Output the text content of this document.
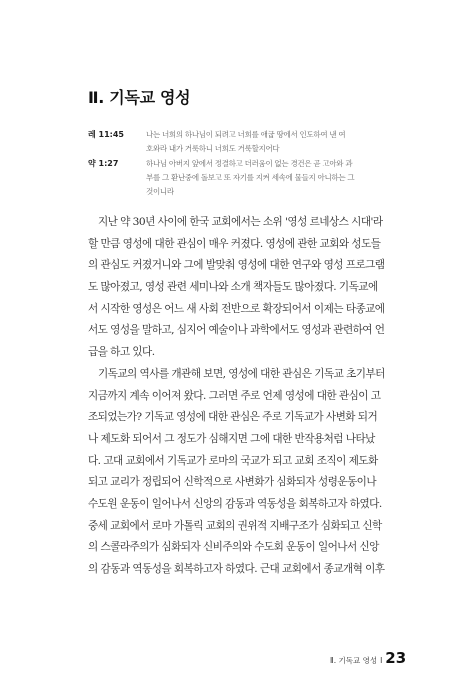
Ⅱ. 기독교 영성
레 11:45	나는 너희의 하나님이 되려고 너희를 애굽 땅에서 인도하여 낸 여
호와라 내가 거룩하니 너희도 거룩할지어다
약 1:27	하나님 아버지 앞에서 정결하고 더러움이 없는 경건은 곧 고아와 과
부를 그 환난중에 돌보고 또 자기를 지켜 세속에 물들지 아니하는 그
것이니라
지난 약 30년 사이에 한국 교회에서는 소위 '영성 르네상스 시대'라
할 만큼 영성에 대한 관심이 매우 커졌다. 영성에 관한 교회와 성도들
의 관심도 커졌거니와 그에 발맞춰 영성에 대한 연구와 영성 프로그램
도 많아졌고, 영성 관련 세미나와 소개 책자들도 많아졌다. 기독교에
서 시작한 영성은 어느 새 사회 전반으로 확장되어서 이제는 타종교에
서도 영성을 말하고, 심지어 예술이나 과학에서도 영성과 관련하여 언
급을 하고 있다.
기독교의 역사를 개관해 보면, 영성에 대한 관심은 기독교 초기부터
지금까지 계속 이어져 왔다. 그러면 주로 언제 영성에 대한 관심이 고
조되었는가? 기독교 영성에 대한 관심은 주로 기독교가 사변화 되거
나 제도화 되어서 그 정도가 심해지면 그에 대한 반작용처럼 나타났
다. 고대 교회에서 기독교가 로마의 국교가 되고 교회 조직이 제도화
되고 교리가 정립되어 신학적으로 사변화가 심화되자 성령운동이나
수도원 운동이 일어나서 신앙의 감동과 역동성을 회복하고자 하였다.
중세 교회에서 로마 가톨릭 교회의 권위적 지배구조가 심화되고 신학
의 스콜라주의가 심화되자 신비주의와 수도회 운동이 일어나서 신앙
의 감동과 역동성을 회복하고자 하였다. 근대 교회에서 종교개혁 이후
Ⅱ. 기독교 영성 I 23
